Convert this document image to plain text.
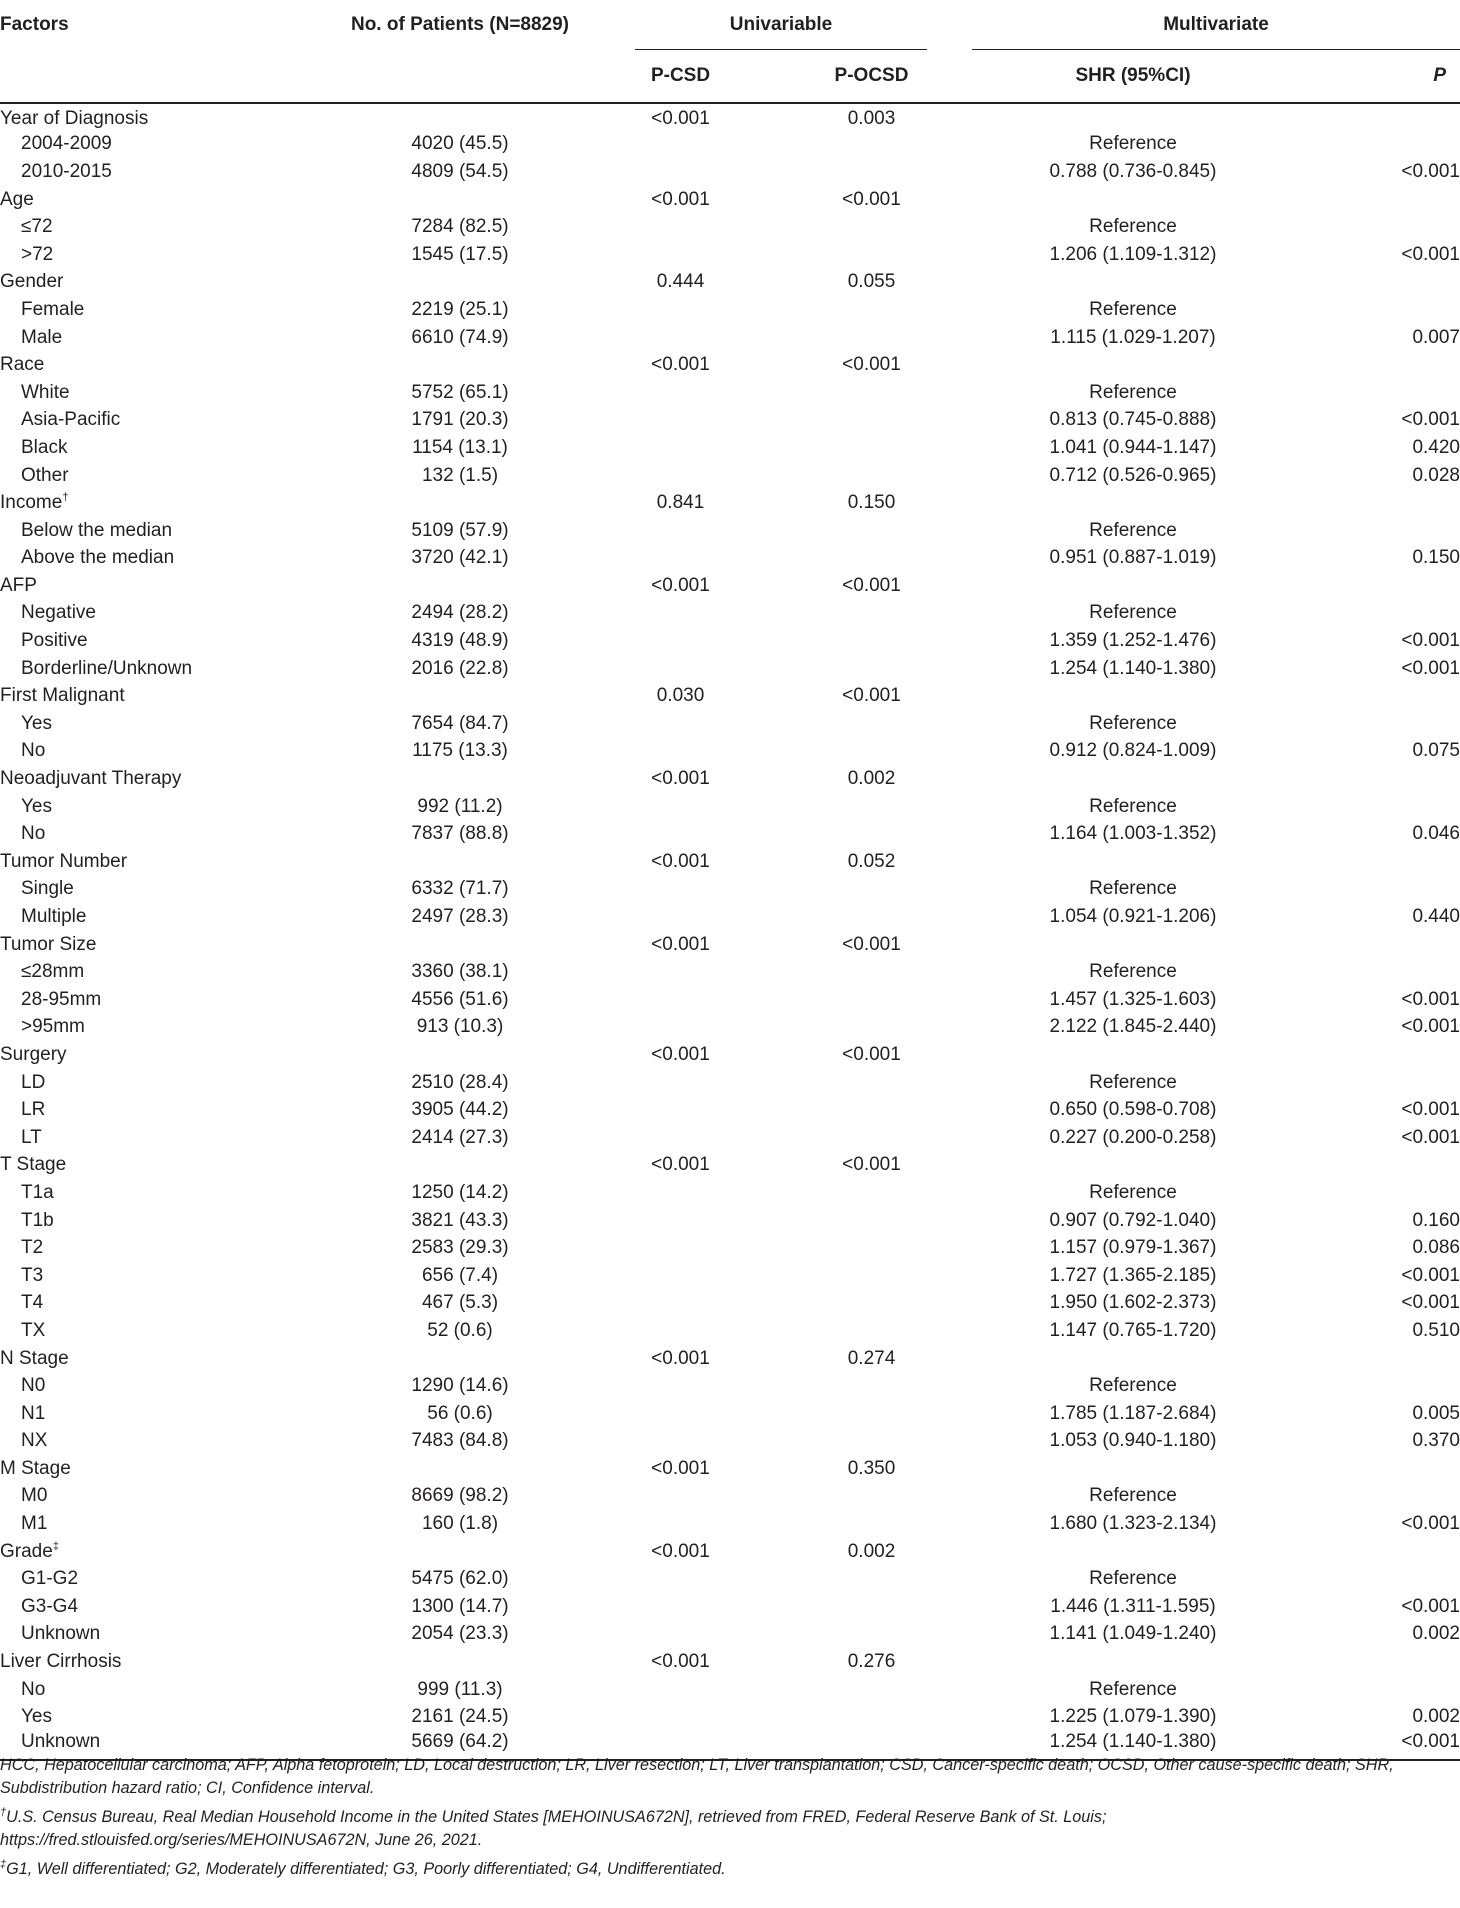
Factors	No. of Patients (N=8829)	Univariable		Multivariate	

		P-CSD	P-OCSD	SHR (95%CI)	P
Year of Diagnosis		<0.001	0.003		
2004-2009	4020 (45.5)			Reference	
2010-2015	4809 (54.5)			0.788 (0.736-0.845)	<0.001
Age		<0.001	<0.001		
≤72	7284 (82.5)			Reference	
>72	1545 (17.5)			1.206 (1.109-1.312)	<0.001
Gender		0.444	0.055		
Female	2219 (25.1)			Reference	
Male	6610 (74.9)			1.115 (1.029-1.207)	0.007
Race		<0.001	<0.001		
White	5752 (65.1)			Reference	
Asia-Pacific	1791 (20.3)			0.813 (0.745-0.888)	<0.001
Black	1154 (13.1)			1.041 (0.944-1.147)	0.420
Other	132 (1.5)			0.712 (0.526-0.965)	0.028
Income†		0.841	0.150		
Below the median	5109 (57.9)			Reference	
Above the median	3720 (42.1)			0.951 (0.887-1.019)	0.150
AFP		<0.001	<0.001		
Negative	2494 (28.2)			Reference	
Positive	4319 (48.9)			1.359 (1.252-1.476)	<0.001
Borderline/Unknown	2016 (22.8)			1.254 (1.140-1.380)	<0.001
First Malignant		0.030	<0.001		
Yes	7654 (84.7)			Reference	
No	1175 (13.3)			0.912 (0.824-1.009)	0.075
Neoadjuvant Therapy		<0.001	0.002		
Yes	992 (11.2)			Reference	
No	7837 (88.8)			1.164 (1.003-1.352)	0.046
Tumor Number		<0.001	0.052		
Single	6332 (71.7)			Reference	
Multiple	2497 (28.3)			1.054 (0.921-1.206)	0.440
Tumor Size		<0.001	<0.001		
≤28mm	3360 (38.1)			Reference	
28-95mm	4556 (51.6)			1.457 (1.325-1.603)	<0.001
>95mm	913 (10.3)			2.122 (1.845-2.440)	<0.001
Surgery		<0.001	<0.001		
LD	2510 (28.4)			Reference	
LR	3905 (44.2)			0.650 (0.598-0.708)	<0.001
LT	2414 (27.3)			0.227 (0.200-0.258)	<0.001
T Stage		<0.001	<0.001		
T1a	1250 (14.2)			Reference	
T1b	3821 (43.3)			0.907 (0.792-1.040)	0.160
T2	2583 (29.3)			1.157 (0.979-1.367)	0.086
T3	656 (7.4)			1.727 (1.365-2.185)	<0.001
T4	467 (5.3)			1.950 (1.602-2.373)	<0.001
TX	52 (0.6)			1.147 (0.765-1.720)	0.510
N Stage		<0.001	0.274		
N0	1290 (14.6)			Reference	
N1	56 (0.6)			1.785 (1.187-2.684)	0.005
NX	7483 (84.8)			1.053 (0.940-1.180)	0.370
M Stage		<0.001	0.350		
M0	8669 (98.2)			Reference	
M1	160 (1.8)			1.680 (1.323-2.134)	<0.001
Grade‡		<0.001	0.002		
G1-G2	5475 (62.0)			Reference	
G3-G4	1300 (14.7)			1.446 (1.311-1.595)	<0.001
Unknown	2054 (23.3)			1.141 (1.049-1.240)	0.002
Liver Cirrhosis		<0.001	0.276		
No	999 (11.3)			Reference	
Yes	2161 (24.5)			1.225 (1.079-1.390)	0.002
Unknown	5669 (64.2)			1.254 (1.140-1.380)	<0.001

HCC, Hepatocellular carcinoma; AFP, Alpha fetoprotein; LD, Local destruction; LR, Liver resection; LT, Liver transplantation; CSD, Cancer-specific death; OCSD, Other cause-specific death; SHR, Subdistribution hazard ratio; CI, Confidence interval.

†U.S. Census Bureau, Real Median Household Income in the United States [MEHOINUSA672N], retrieved from FRED, Federal Reserve Bank of St. Louis; https://fred.stlouisfed.org/series/MEHOINUSA672N, June 26, 2021.

‡G1, Well differentiated; G2, Moderately differentiated; G3, Poorly differentiated; G4, Undifferentiated.
